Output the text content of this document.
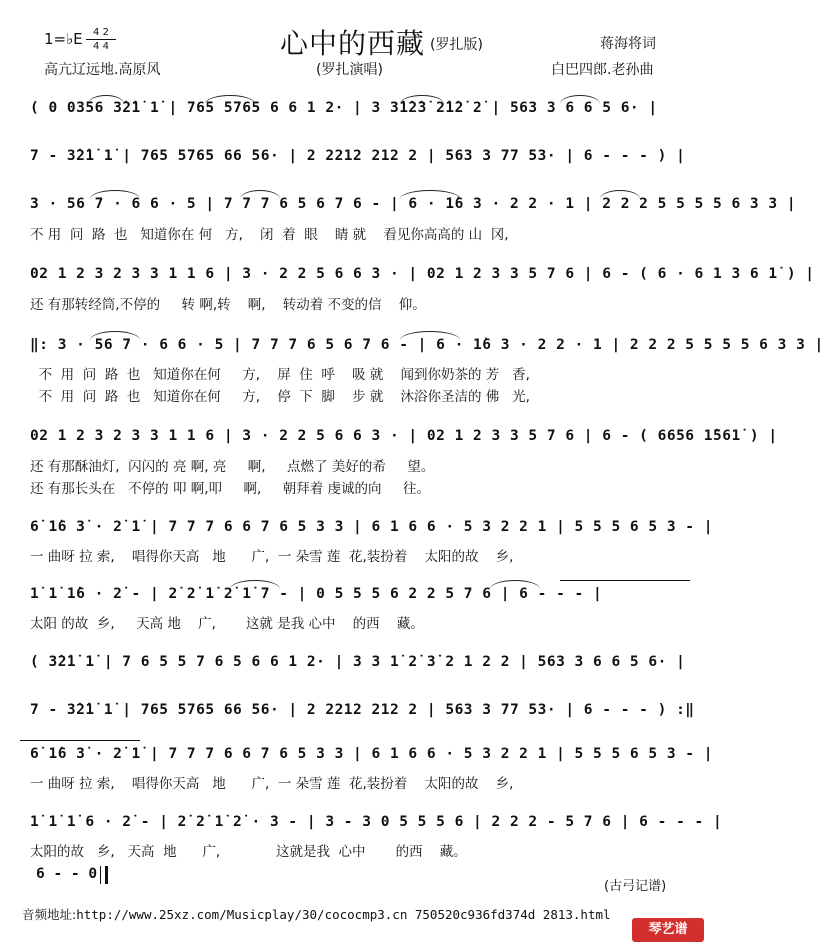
1=♭E	4 2
4 4	心中的西藏 (罗扎版)	蒋海将词
高亢辽远地.高原风	(罗扎演唱)	白巴四郎.老孙曲
( 0 0356 3̇2̇1̇ 1̇ | 765 5765 6 6 1 2· | 3 3̇1̇2̇3̇ 2̇1̇2̇ 2̇ | 563 3 6 6 5 6· |
7 - 3̇2̇1̇ 1̇ | 765 5765 66 56· | 2 2212 212 2 | 563 3 77 53· | 6 - - - ) |
3 · 56 7 · 6 6 · 5 | 7 7 7 6 5 6 7 6 - | 6 · 1̇6 3 · 2 2 · 1 | 2 2 2 5 5 5 5 6 3 3 |
不 用  问  路  也   知道你在 何   方,    闭  着  眼    睛 就    看见你高高的 山  冈,
02 1 2 3 2 3 3 1 1 6 | 3 · 2 2 5 6 6 3 · | 02 1 2 3 3 5 7 6 | 6 - ( 6 · 6 1 3 6 1̇ ) |
还 有那转经筒,不停的     转 啊,转    啊,    转动着 不变的信    仰。
‖: 3 · 56 7 · 6 6 · 5 | 7 7 7 6 5 6 7 6 - | 6 · 1̇6 3 · 2 2 · 1 | 2 2 2 5 5 5 5 6 3 3 |
不  用  问  路  也   知道你在何     方,    屏  住  呼    吸 就    闻到你奶茶的 芳   香,
不  用  问  路  也   知道你在何     方,    停  下  脚    步 就    沐浴你圣洁的 佛   光,
02 1 2 3 2 3 3 1 1 6 | 3 · 2 2 5 6 6 3 · | 02 1 2 3 3 5 7 6 | 6 - ( 6656 1̇561̇ ) |
还 有那酥油灯,  闪闪的 亮 啊, 亮     啊,     点燃了 美好的希     望。
还 有那长头在   不停的 叩 啊,叩     啊,     朝拜着 虔诚的向     往。
6̇ 1̇6 3̇ · 2̇ 1̇ | 7 7 7 6 6 7 6 5 3 3 | 6 1 6 6 · 5 3 2 2 1 | 5 5 5 6 5 3 - |
一 曲呀 拉 索,    唱得你天高   地      广,  一 朵雪 莲  花,装扮着    太阳的故    乡,
1̇ 1̇ 1̇6 · 2̇ - | 2̇ 2̇ 1̇ 2̇ 1̇ 7 - | 0 5 5 5 6 2 2 5 7 6 | 6 - - - |
太阳 的故  乡,     天高 地    广,       这就 是我 心中    的西    藏。
( 3̇2̇1̇ 1̇ | 7 6 5 5 7 6 5 6 6 1 2· | 3 3 1̇ 2̇ 3̇ 2 1 2 2 | 563 3 6 6 5 6· |
7 - 3̇2̇1̇ 1̇ | 765 5765 66 56· | 2 2212 212 2 | 563 3 77 53· | 6 - - - ) :‖
6̇ 1̇6 3̇ · 2̇ 1̇ | 7 7 7 6 6 7 6 5 3 3 | 6 1 6 6 · 5 3 2 2 1 | 5 5 5 6 5 3 - |
一 曲呀 拉 索,    唱得你天高   地      广,  一 朵雪 莲  花,装扮着    太阳的故    乡,
1̇ 1̇ 1̇ 6 · 2̇ - | 2̇ 2̇ 1̇ 2̇ · 3 - | 3 - 3 0 5 5 5 6 | 2 2 2 - 5 7 6 | 6 - - - |
太阳的故   乡,   天高  地      广,             这就是我  心中       的西    藏。
6 - - 0
(古弓记谱)
音频地址:http://www.25xz.com/Musicplay/30/cococmp3.cn 750520c936fd374d 2813.html
琴艺谱
